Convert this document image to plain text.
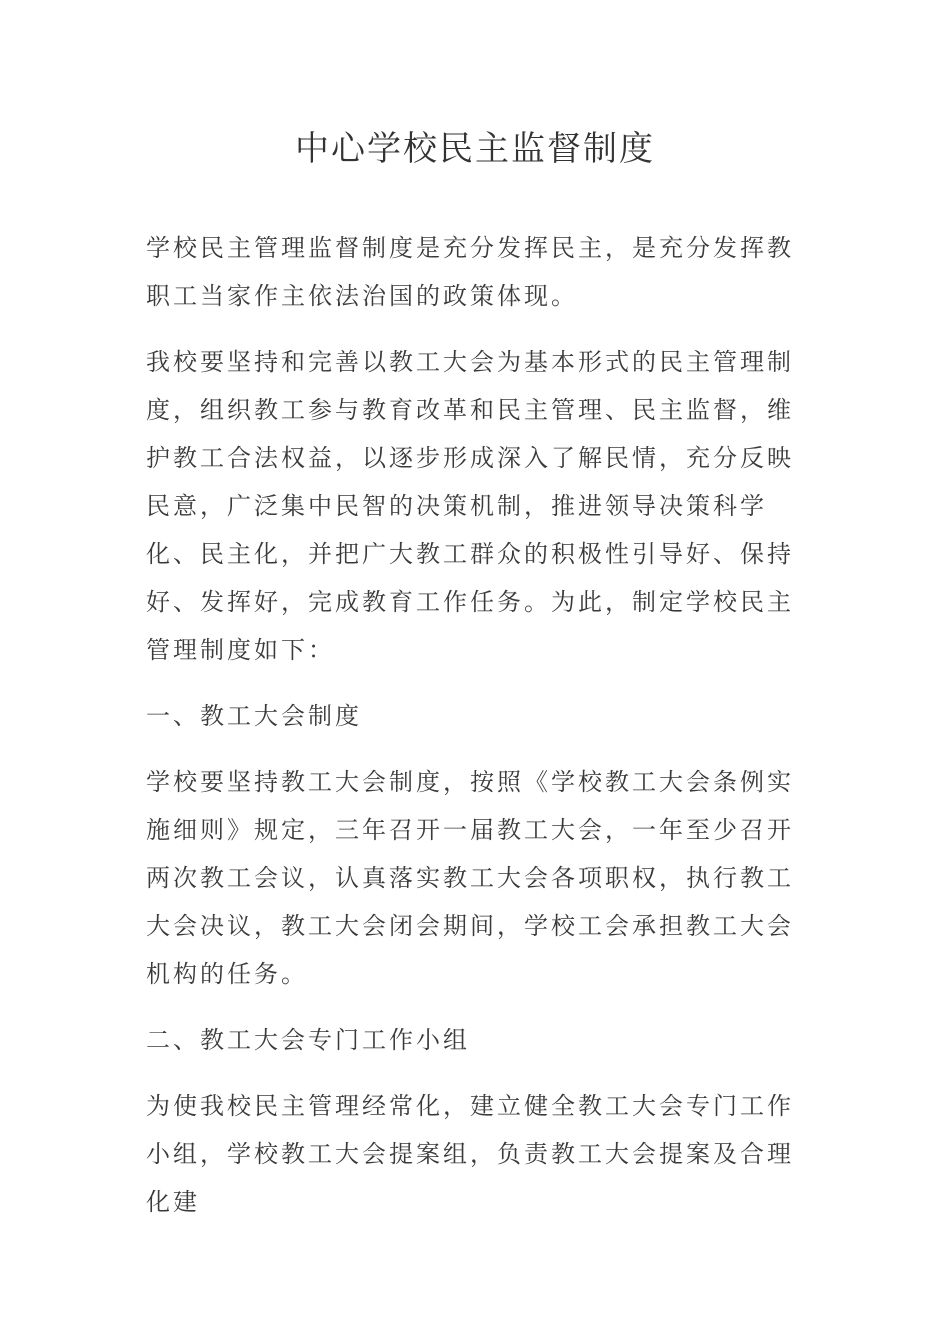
中心学校民主监督制度

学校民主管理监督制度是充分发挥民主，是充分发挥教职工当家作主依法治国的政策体现。

我校要坚持和完善以教工大会为基本形式的民主管理制度，组织教工参与教育改革和民主管理、民主监督，维护教工合法权益，以逐步形成深入了解民情，充分反映民意，广泛集中民智的决策机制，推进领导决策科学化、民主化，并把广大教工群众的积极性引导好、保持好、发挥好，完成教育工作任务。为此，制定学校民主管理制度如下：

一、教工大会制度

学校要坚持教工大会制度，按照《学校教工大会条例实施细则》规定，三年召开一届教工大会，一年至少召开两次教工会议，认真落实教工大会各项职权，执行教工大会决议，教工大会闭会期间，学校工会承担教工大会机构的任务。

二、教工大会专门工作小组

为使我校民主管理经常化，建立健全教工大会专门工作小组，学校教工大会提案组，负责教工大会提案及合理化建
